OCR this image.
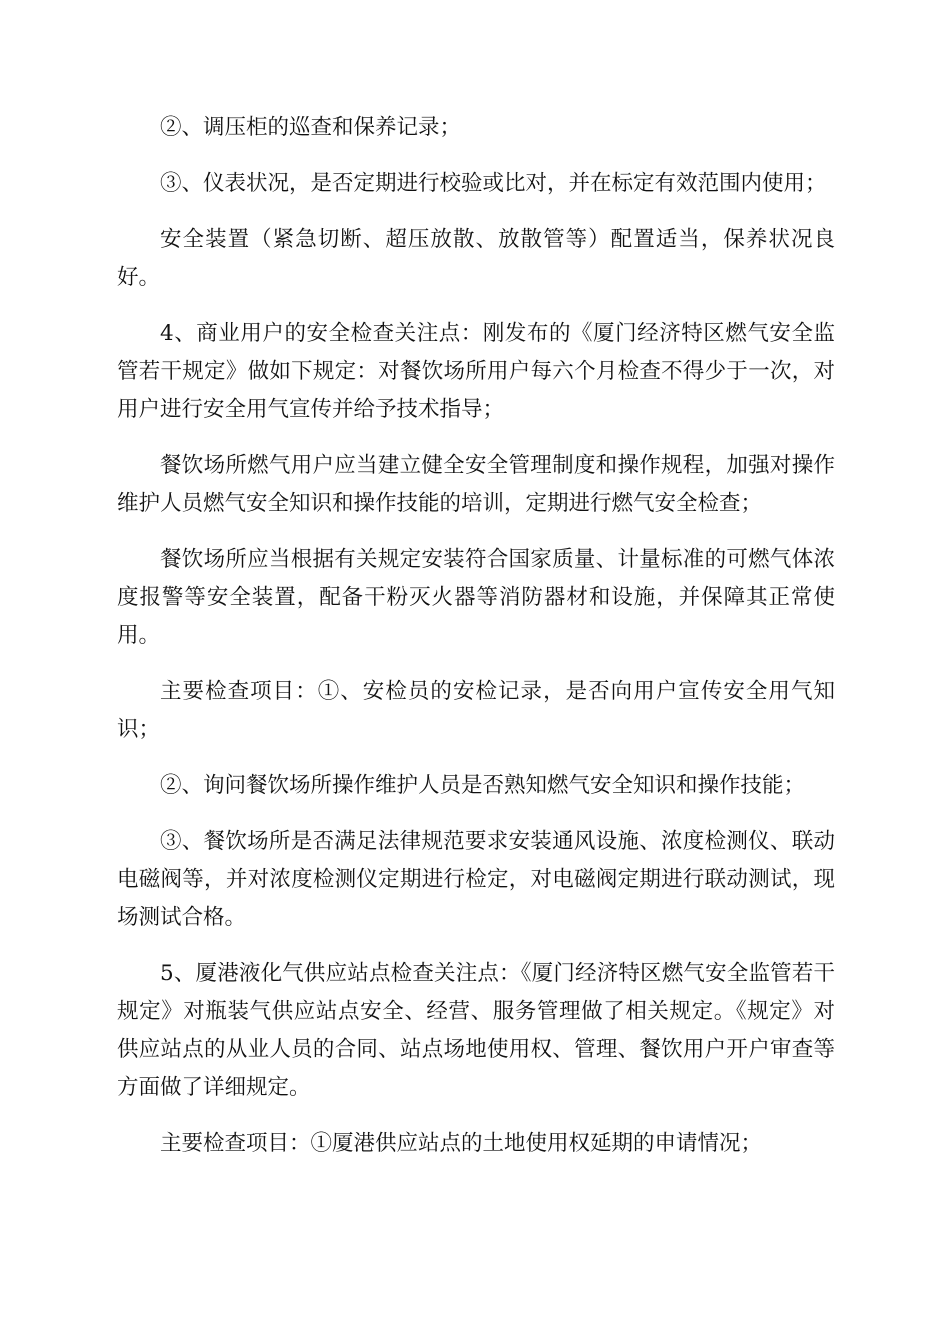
②、调压柜的巡查和保养记录；

③、仪表状况，是否定期进行校验或比对，并在标定有效范围内使用；

安全装置（紧急切断、超压放散、放散管等）配置适当，保养状况良好。

4、商业用户的安全检查关注点：刚发布的《厦门经济特区燃气安全监管若干规定》做如下规定：对餐饮场所用户每六个月检查不得少于一次，对用户进行安全用气宣传并给予技术指导；

餐饮场所燃气用户应当建立健全安全管理制度和操作规程，加强对操作维护人员燃气安全知识和操作技能的培训，定期进行燃气安全检查；

餐饮场所应当根据有关规定安装符合国家质量、计量标准的可燃气体浓度报警等安全装置，配备干粉灭火器等消防器材和设施，并保障其正常使用。

主要检查项目：①、安检员的安检记录，是否向用户宣传安全用气知识；

②、询问餐饮场所操作维护人员是否熟知燃气安全知识和操作技能；

③、餐饮场所是否满足法律规范要求安装通风设施、浓度检测仪、联动电磁阀等，并对浓度检测仪定期进行检定，对电磁阀定期进行联动测试，现场测试合格。

5、厦港液化气供应站点检查关注点：《厦门经济特区燃气安全监管若干规定》对瓶装气供应站点安全、经营、服务管理做了相关规定。《规定》对供应站点的从业人员的合同、站点场地使用权、管理、餐饮用户开户审查等方面做了详细规定。

主要检查项目：①厦港供应站点的土地使用权延期的申请情况；
